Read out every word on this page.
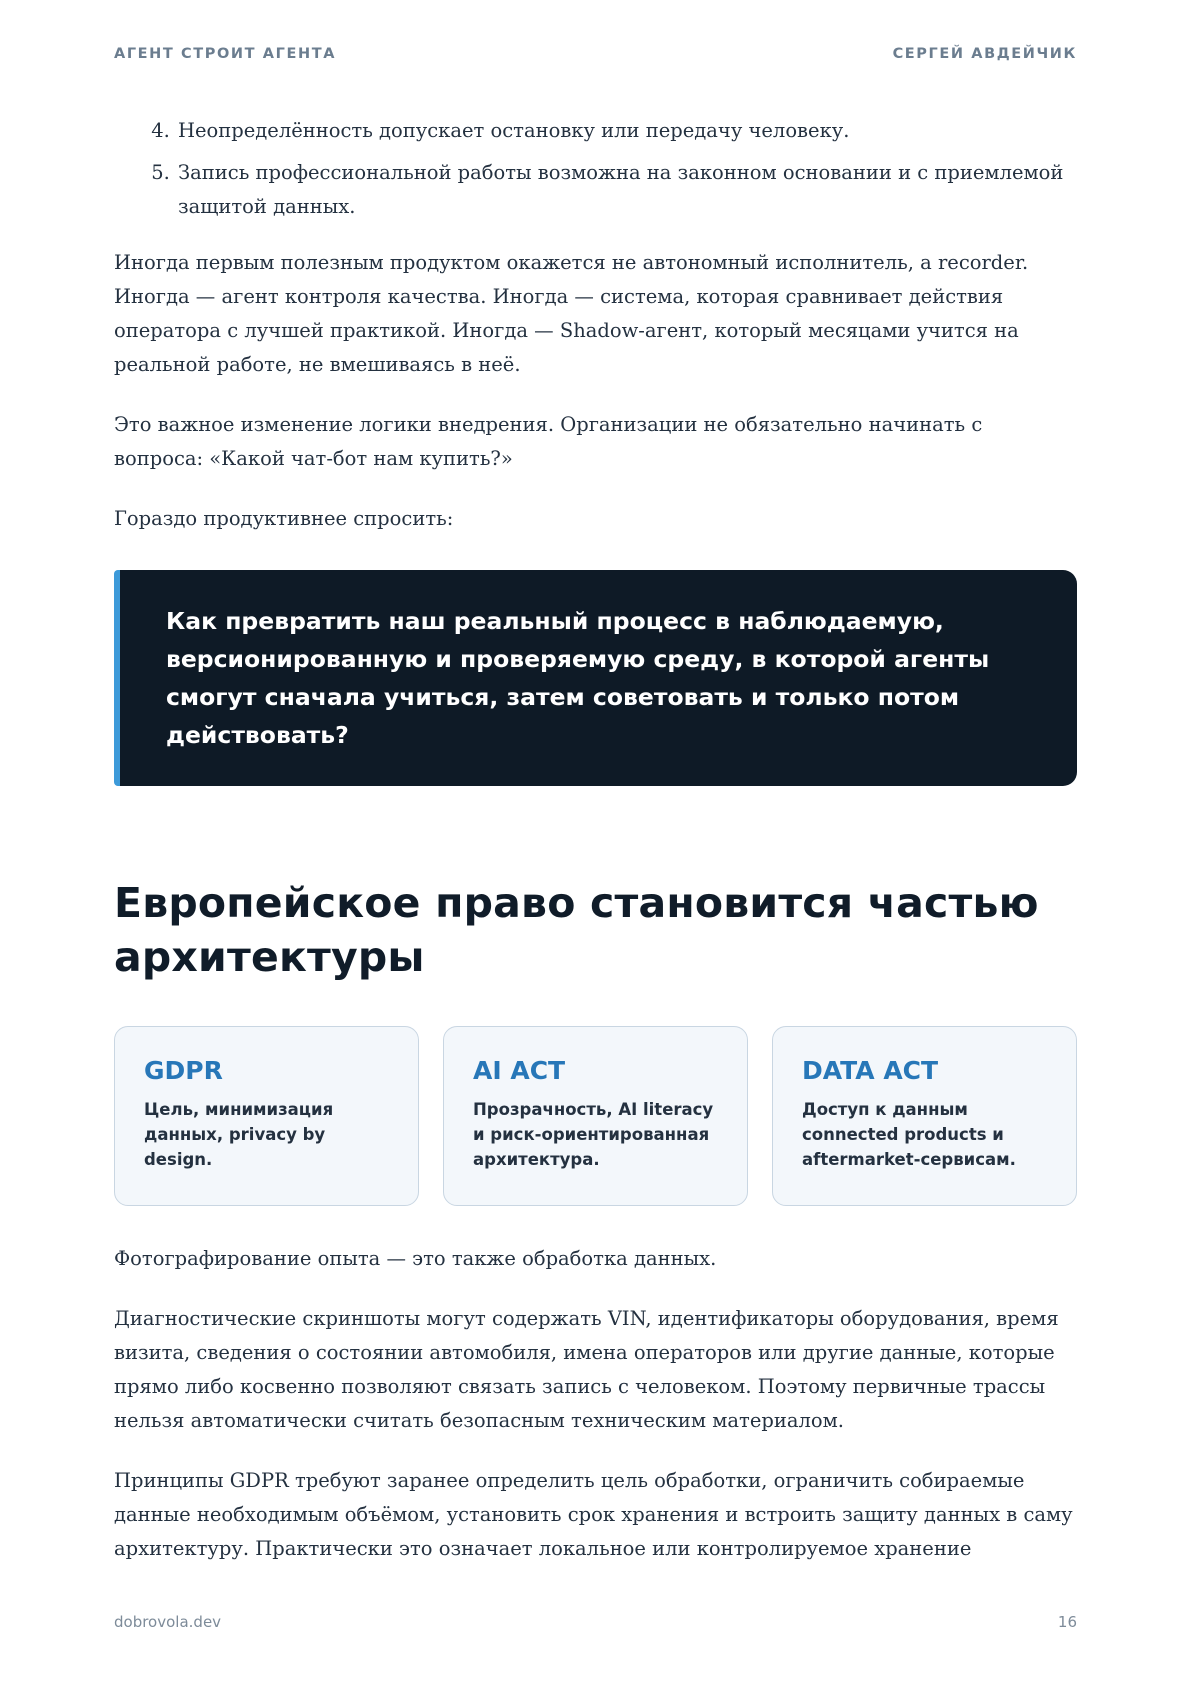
АГЕНТ СТРОИТ АГЕНТА	СЕРГЕЙ АВДЕЙЧИК
4. Неопределённость допускает остановку или передачу человеку.
5. Запись профессиональной работы возможна на законном основании и с приемлемой защитой данных.

Иногда первым полезным продуктом окажется не автономный исполнитель, а recorder. Иногда — агент контроля качества. Иногда — система, которая сравнивает действия оператора с лучшей практикой. Иногда — Shadow-агент, который месяцами учится на реальной работе, не вмешиваясь в неё.

Это важное изменение логики внедрения. Организации не обязательно начинать с вопроса: «Какой чат-бот нам купить?»

Гораздо продуктивнее спросить:

Как превратить наш реальный процесс в наблюдаемую, версионированную и проверяемую среду, в которой агенты смогут сначала учиться, затем советовать и только потом действовать?
Европейское право становится частью архитектуры
GDPR
Цель, минимизация данных, privacy by design.
AI ACT
Прозрачность, AI literacy и риск-ориентированная архитектура.
DATA ACT
Доступ к данным connected products и aftermarket-сервисам.

Фотографирование опыта — это также обработка данных.

Диагностические скриншоты могут содержать VIN, идентификаторы оборудования, время визита, сведения о состоянии автомобиля, имена операторов или другие данные, которые прямо либо косвенно позволяют связать запись с человеком. Поэтому первичные трассы нельзя автоматически считать безопасным техническим материалом.

Принципы GDPR требуют заранее определить цель обработки, ограничить собираемые данные необходимым объёмом, установить срок хранения и встроить защиту данных в саму архитектуру. Практически это означает локальное или контролируемое хранение

dobrovola.dev	16
